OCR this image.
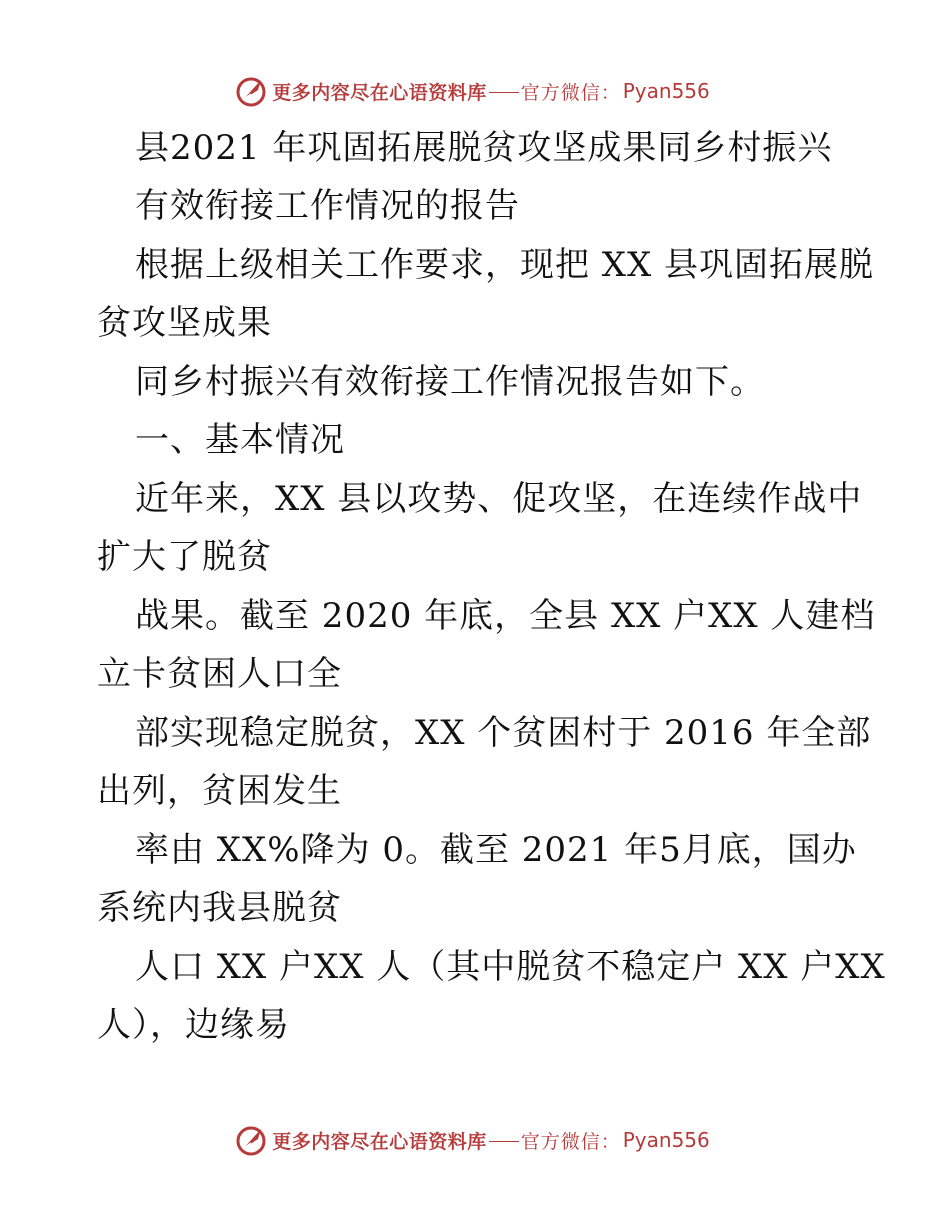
更多内容尽在心语资料库 官方微信： Pyan556
县2021 年巩固拓展脱贫攻坚成果同乡村振兴
有效衔接工作情况的报告
根据上级相关工作要求，现把 XX 县巩固拓展脱
贫攻坚成果
同乡村振兴有效衔接工作情况报告如下。
一、基本情况
近年来，XX 县以攻势、促攻坚，在连续作战中
扩大了脱贫
战果。截至 2020 年底，全县 XX 户XX 人建档
立卡贫困人口全
部实现稳定脱贫，XX 个贫困村于 2016 年全部
出列，贫困发生
率由 XX%降为 0。截至 2021 年5月底，国办
系统内我县脱贫
人口 XX 户XX 人（其中脱贫不稳定户 XX 户XX
人），边缘易
更多内容尽在心语资料库 官方微信： Pyan556
